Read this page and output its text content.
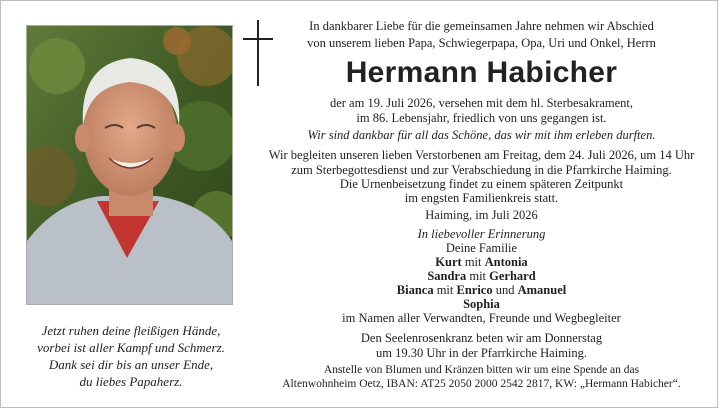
Jetzt ruhen deine fleißigen Hände,
vorbei ist aller Kampf und Schmerz.
Dank sei dir bis an unser Ende,
du liebes Papaherz.
In dankbarer Liebe für die gemeinsamen Jahre nehmen wir Abschied
von unserem lieben Papa, Schwiegerpapa, Opa, Uri und Onkel, Herrn
Hermann Habicher
der am 19. Juli 2026, versehen mit dem hl. Sterbesakrament,
im 86. Lebensjahr, friedlich von uns gegangen ist.
Wir sind dankbar für all das Schöne, das wir mit ihm erleben durften.
Wir begleiten unseren lieben Verstorbenen am Freitag, dem 24. Juli 2026, um 14 Uhr
zum Sterbegottesdienst und zur Verabschiedung in die Pfarrkirche Haiming.
Die Urnenbeisetzung findet zu einem späteren Zeitpunkt
im engsten Familienkreis statt.
Haiming, im Juli 2026
In liebevoller Erinnerung
Deine Familie
Kurt mit Antonia
Sandra mit Gerhard
Bianca mit Enrico und Amanuel
Sophia
im Namen aller Verwandten, Freunde und Wegbegleiter
Den Seelenrosenkranz beten wir am Donnerstag
um 19.30 Uhr in der Pfarrkirche Haiming.
Anstelle von Blumen und Kränzen bitten wir um eine Spende an das
Altenwohnheim Oetz, IBAN: AT25 2050 2000 2542 2817, KW: „Hermann Habicher“.
